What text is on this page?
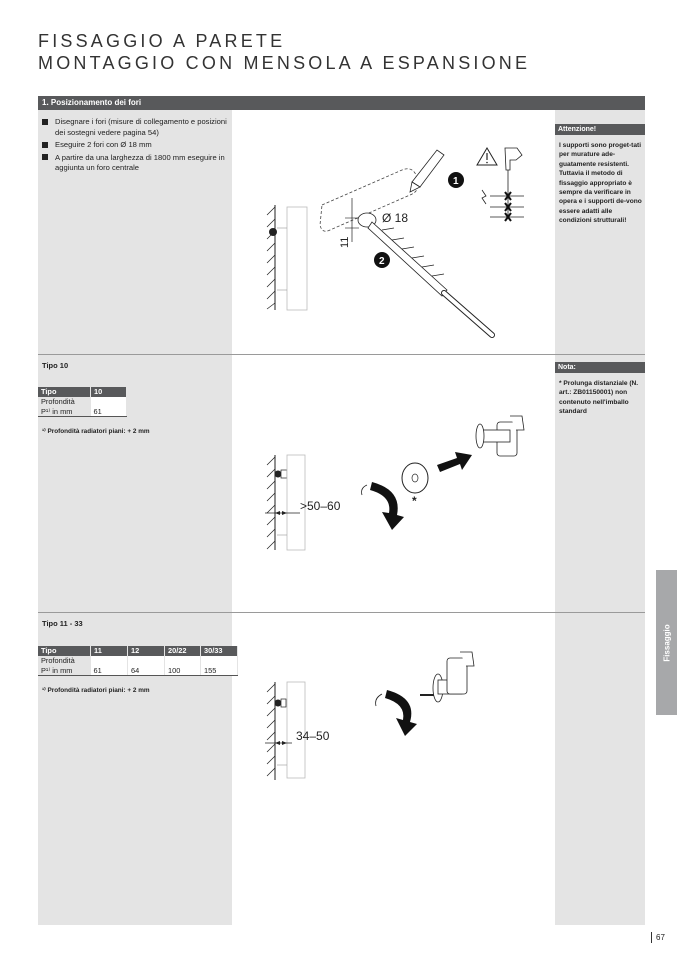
FISSAGGIO A PARETE
MONTAGGIO CON MENSOLA A ESPANSIONE
1. Posizionamento dei fori
Disegnare i fori (misure di collegamento e posizioni dei sostegni vedere pagina 54)
Eseguire 2 fori con Ø 18 mm
A partire da una larghezza di 1800 mm eseguire in aggiunta un foro centrale
Attenzione!
I supporti sono proget-tati per murature ade-guatamente resistenti. Tuttavia il metodo di fissaggio appropriato è sempre da verificare in opera e i supporti de-vono essere adatti alle condizioni strutturali!
11
Ø 18
1
2
Tipo 10	Nota:
* Prolunga distanziale (N. art.: ZB01150001) non contenuto nell'imballo standard
Tipo	10
Profondità	
P¹⁾ in mm	61
¹⁾ Profondità radiatori piani: + 2 mm
>50–60	*
Tipo 11 - 33
Tipo	11	12	20/22	30/33
Profondità				
P¹⁾ in mm	61	64	100	155
¹⁾ Profondità radiatori piani: + 2 mm
34–50
Fissaggio
67
